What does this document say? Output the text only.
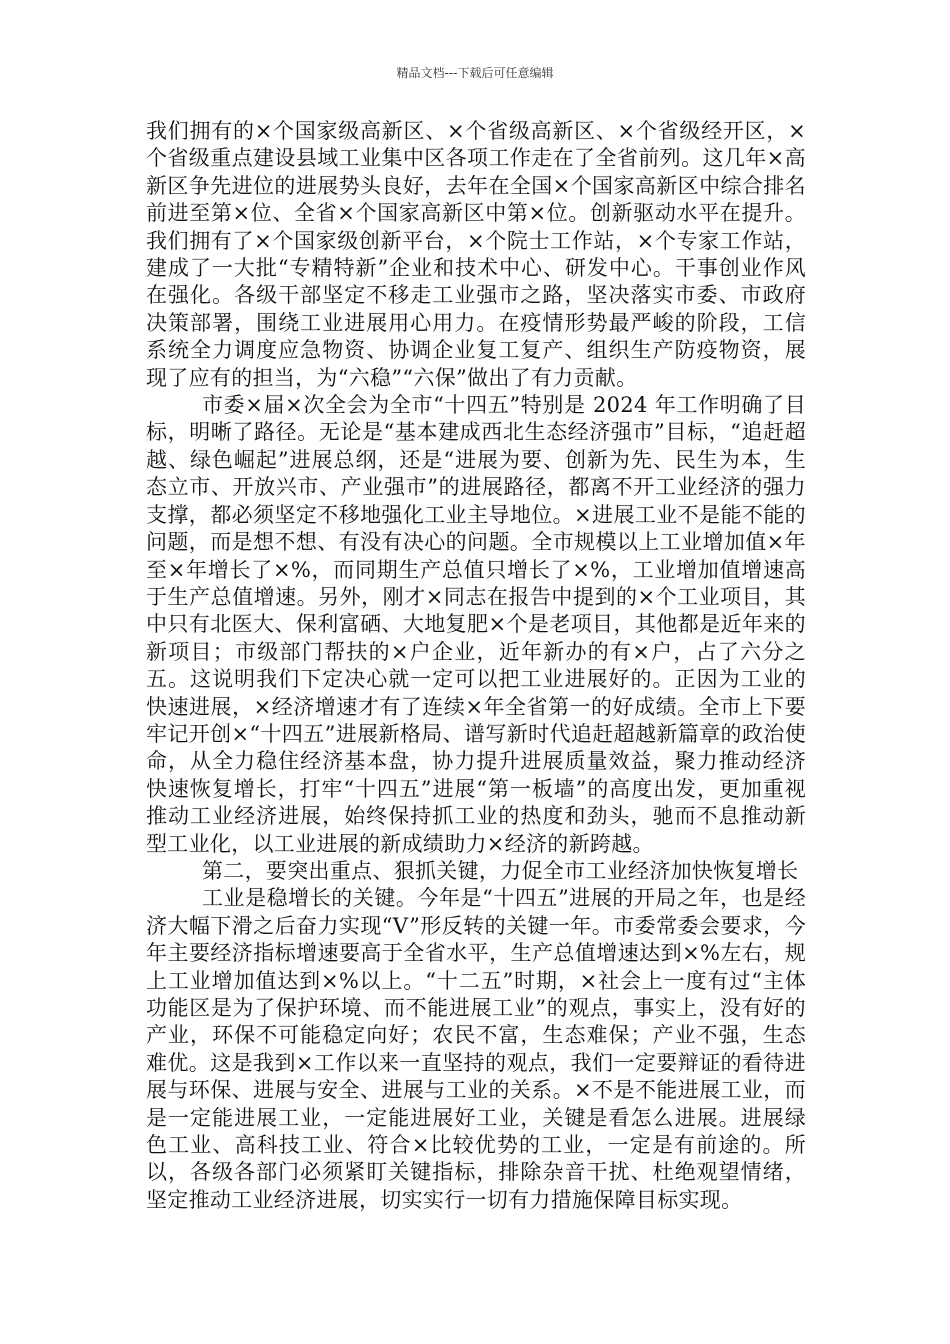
精品文档---下载后可任意编辑

我们拥有的×个国家级高新区、×个省级高新区、×个省级经开区，×个省级重点建设县域工业集中区各项工作走在了全省前列。这几年×高新区争先进位的进展势头良好，去年在全国×个国家高新区中综合排名前进至第×位、全省×个国家高新区中第×位。创新驱动水平在提升。我们拥有了×个国家级创新平台，×个院士工作站，×个专家工作站，建成了一大批“专精特新”企业和技术中心、研发中心。干事创业作风在强化。各级干部坚定不移走工业强市之路，坚决落实市委、市政府决策部署，围绕工业进展用心用力。在疫情形势最严峻的阶段，工信系统全力调度应急物资、协调企业复工复产、组织生产防疫物资，展现了应有的担当，为“六稳”“六保”做出了有力贡献。

市委×届×次全会为全市“十四五”特别是 2024 年工作明确了目标，明晰了路径。无论是“基本建成西北生态经济强市”目标，“追赶超越、绿色崛起”进展总纲，还是“进展为要、创新为先、民生为本，生态立市、开放兴市、产业强市”的进展路径，都离不开工业经济的强力支撑，都必须坚定不移地强化工业主导地位。×进展工业不是能不能的问题，而是想不想、有没有决心的问题。全市规模以上工业增加值×年至×年增长了×%，而同期生产总值只增长了×%，工业增加值增速高于生产总值增速。另外，刚才×同志在报告中提到的×个工业项目，其中只有北医大、保利富硒、大地复肥×个是老项目，其他都是近年来的新项目；市级部门帮扶的×户企业，近年新办的有×户，占了六分之五。这说明我们下定决心就一定可以把工业进展好的。正因为工业的快速进展，×经济增速才有了连续×年全省第一的好成绩。全市上下要牢记开创×“十四五”进展新格局、谱写新时代追赶超越新篇章的政治使命，从全力稳住经济基本盘，协力提升进展质量效益，聚力推动经济快速恢复增长，打牢“十四五”进展“第一板墙”的高度出发，更加重视推动工业经济进展，始终保持抓工业的热度和劲头，驰而不息推动新型工业化，以工业进展的新成绩助力×经济的新跨越。

第二，要突出重点、狠抓关键，力促全市工业经济加快恢复增长

工业是稳增长的关键。今年是“十四五”进展的开局之年，也是经济大幅下滑之后奋力实现“V”形反转的关键一年。市委常委会要求，今年主要经济指标增速要高于全省水平，生产总值增速达到×%左右，规上工业增加值达到×%以上。“十二五”时期，×社会上一度有过“主体功能区是为了保护环境、而不能进展工业”的观点，事实上，没有好的产业，环保不可能稳定向好；农民不富，生态难保；产业不强，生态难优。这是我到×工作以来一直坚持的观点，我们一定要辩证的看待进展与环保、进展与安全、进展与工业的关系。×不是不能进展工业，而是一定能进展工业，一定能进展好工业，关键是看怎么进展。进展绿色工业、高科技工业、符合×比较优势的工业，一定是有前途的。所以，各级各部门必须紧盯关键指标，排除杂音干扰、杜绝观望情绪，坚定推动工业经济进展，切实实行一切有力措施保障目标实现。
